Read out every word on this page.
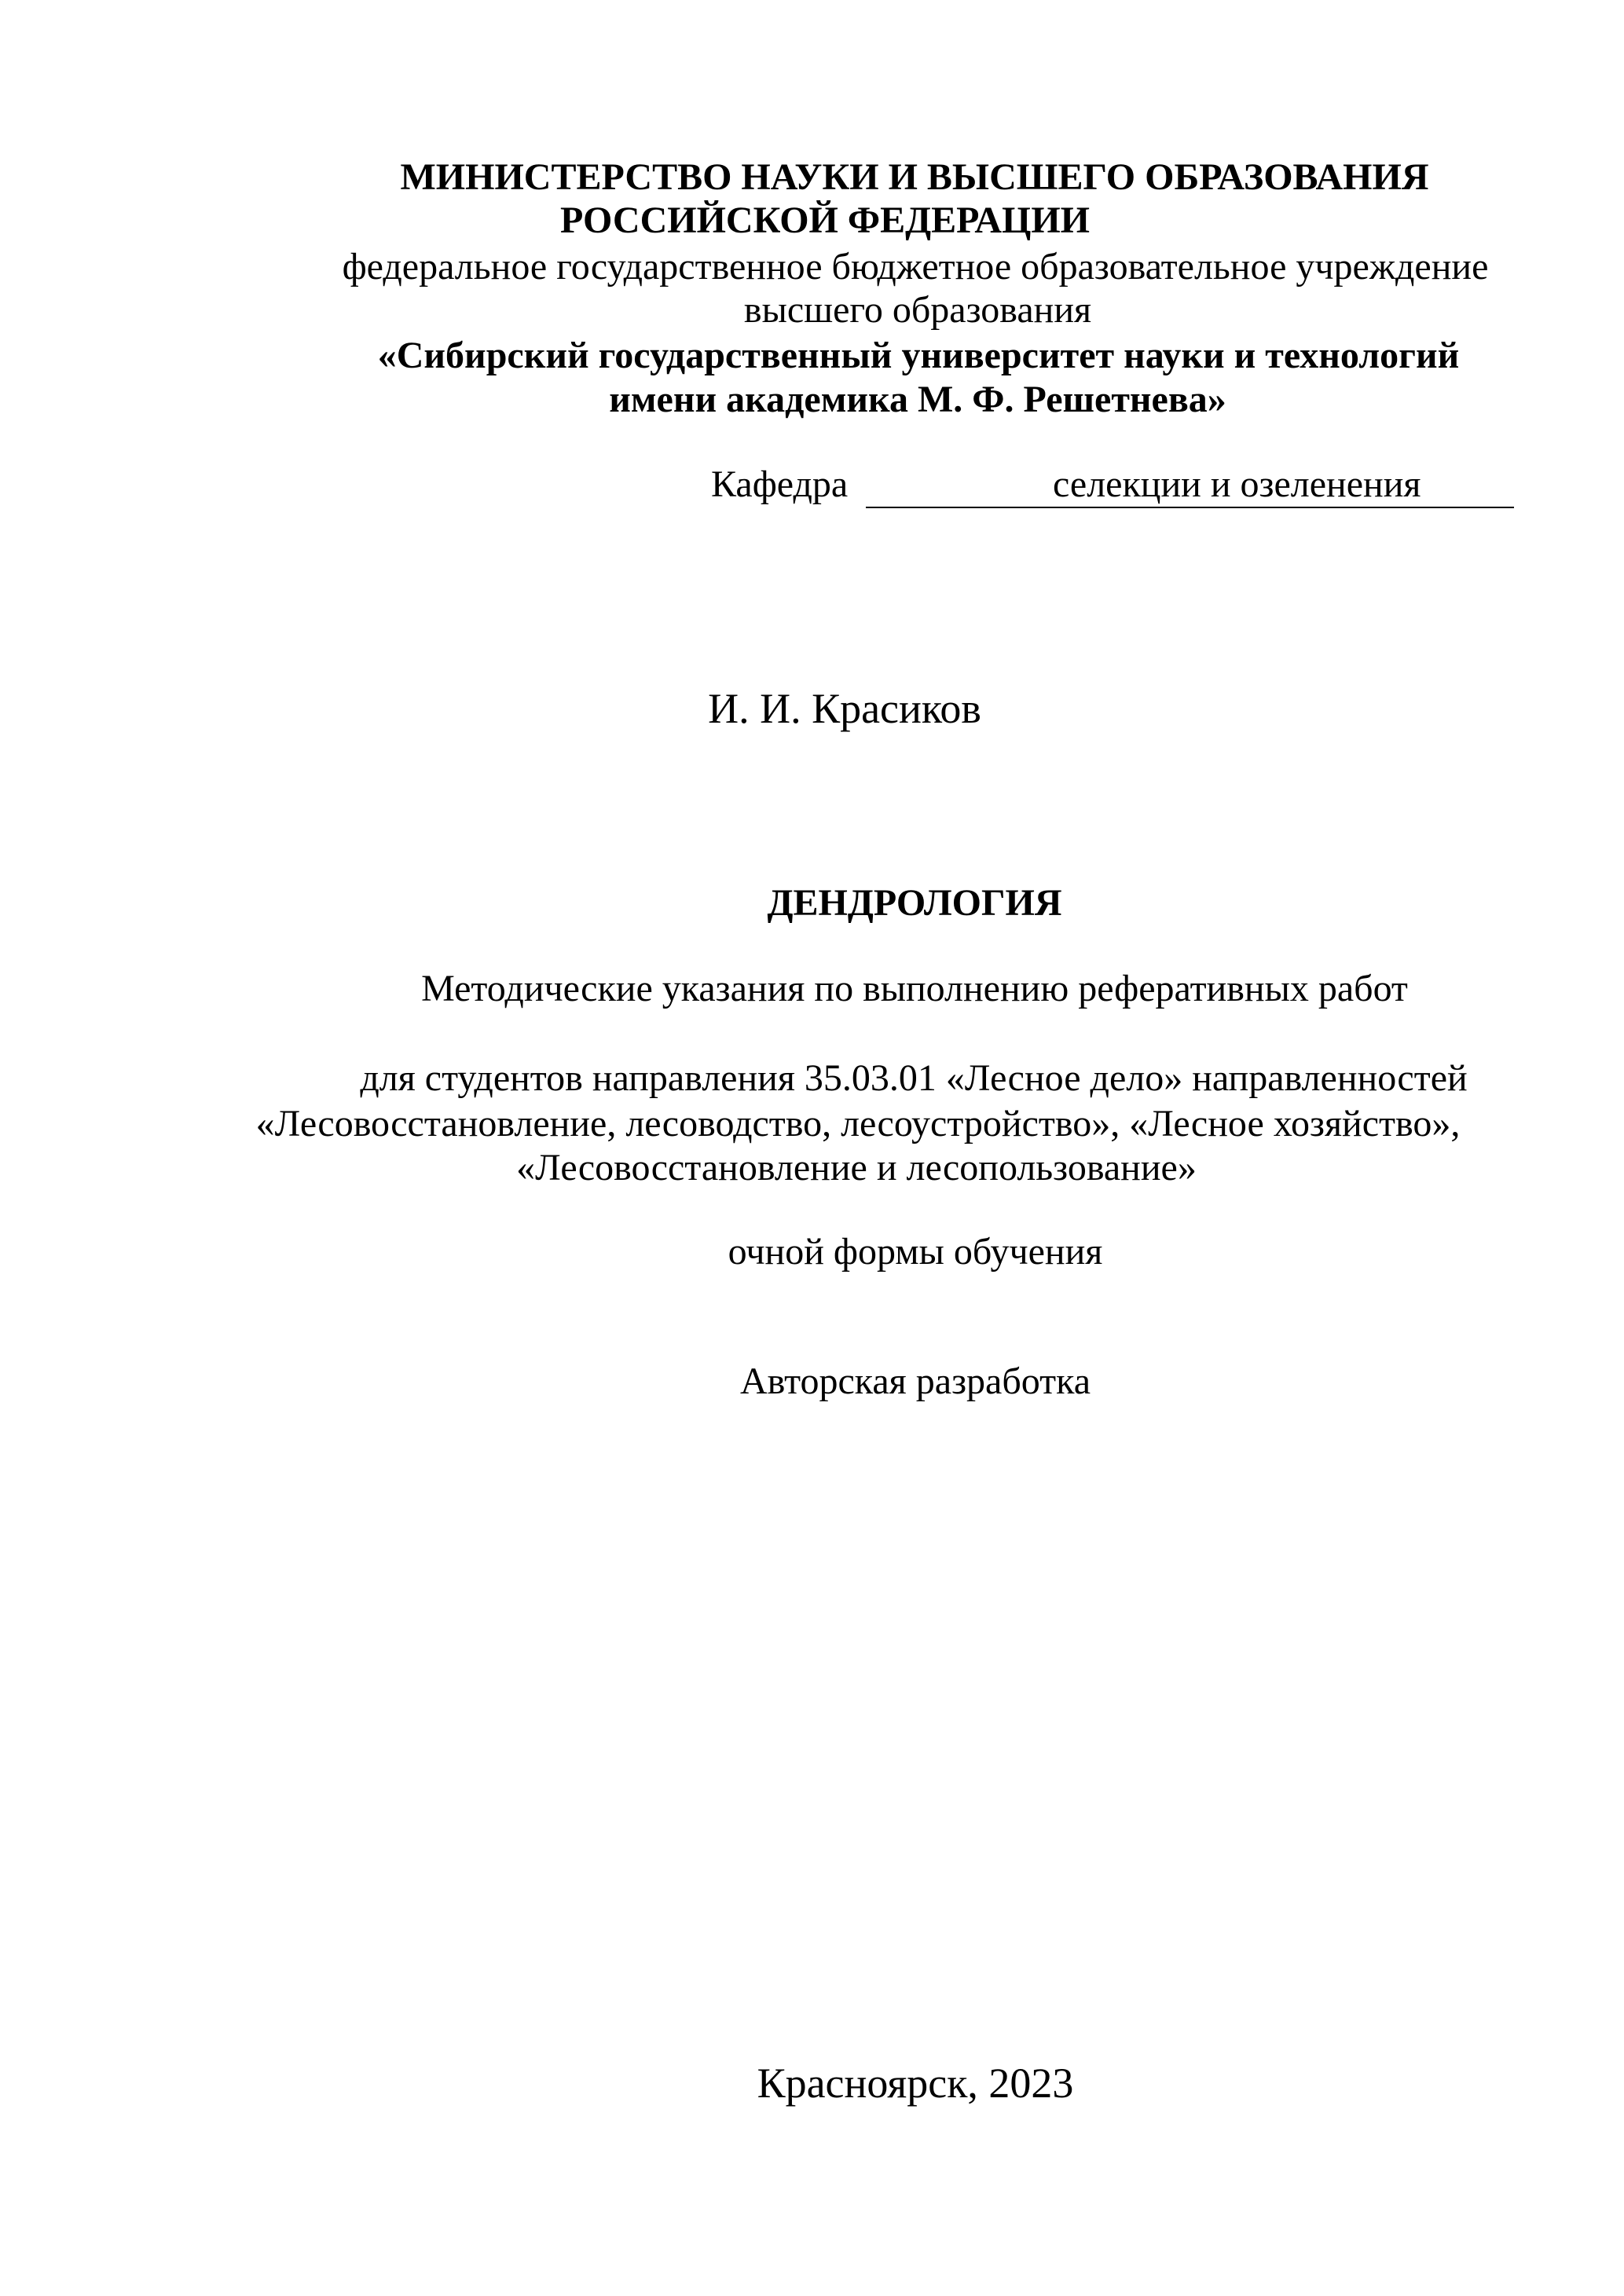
МИНИСТЕРСТВО НАУКИ И ВЫСШЕГО ОБРАЗОВАНИЯ
РОССИЙСКОЙ ФЕДЕРАЦИИ
федеральное государственное бюджетное образовательное учреждение
высшего образования
«Сибирский государственный университет науки и технологий
имени академика М. Ф. Решетнева»
Кафедра	селекции и озеленения
И. И. Красиков
ДЕНДРОЛОГИЯ
Методические указания по выполнению реферативных работ
для студентов направления 35.03.01 «Лесное дело» направленностей
«Лесовосстановление, лесоводство, лесоустройство», «Лесное хозяйство»,
«Лесовосстановление и лесопользование»
очной формы обучения
Авторская разработка
Красноярск, 2023
